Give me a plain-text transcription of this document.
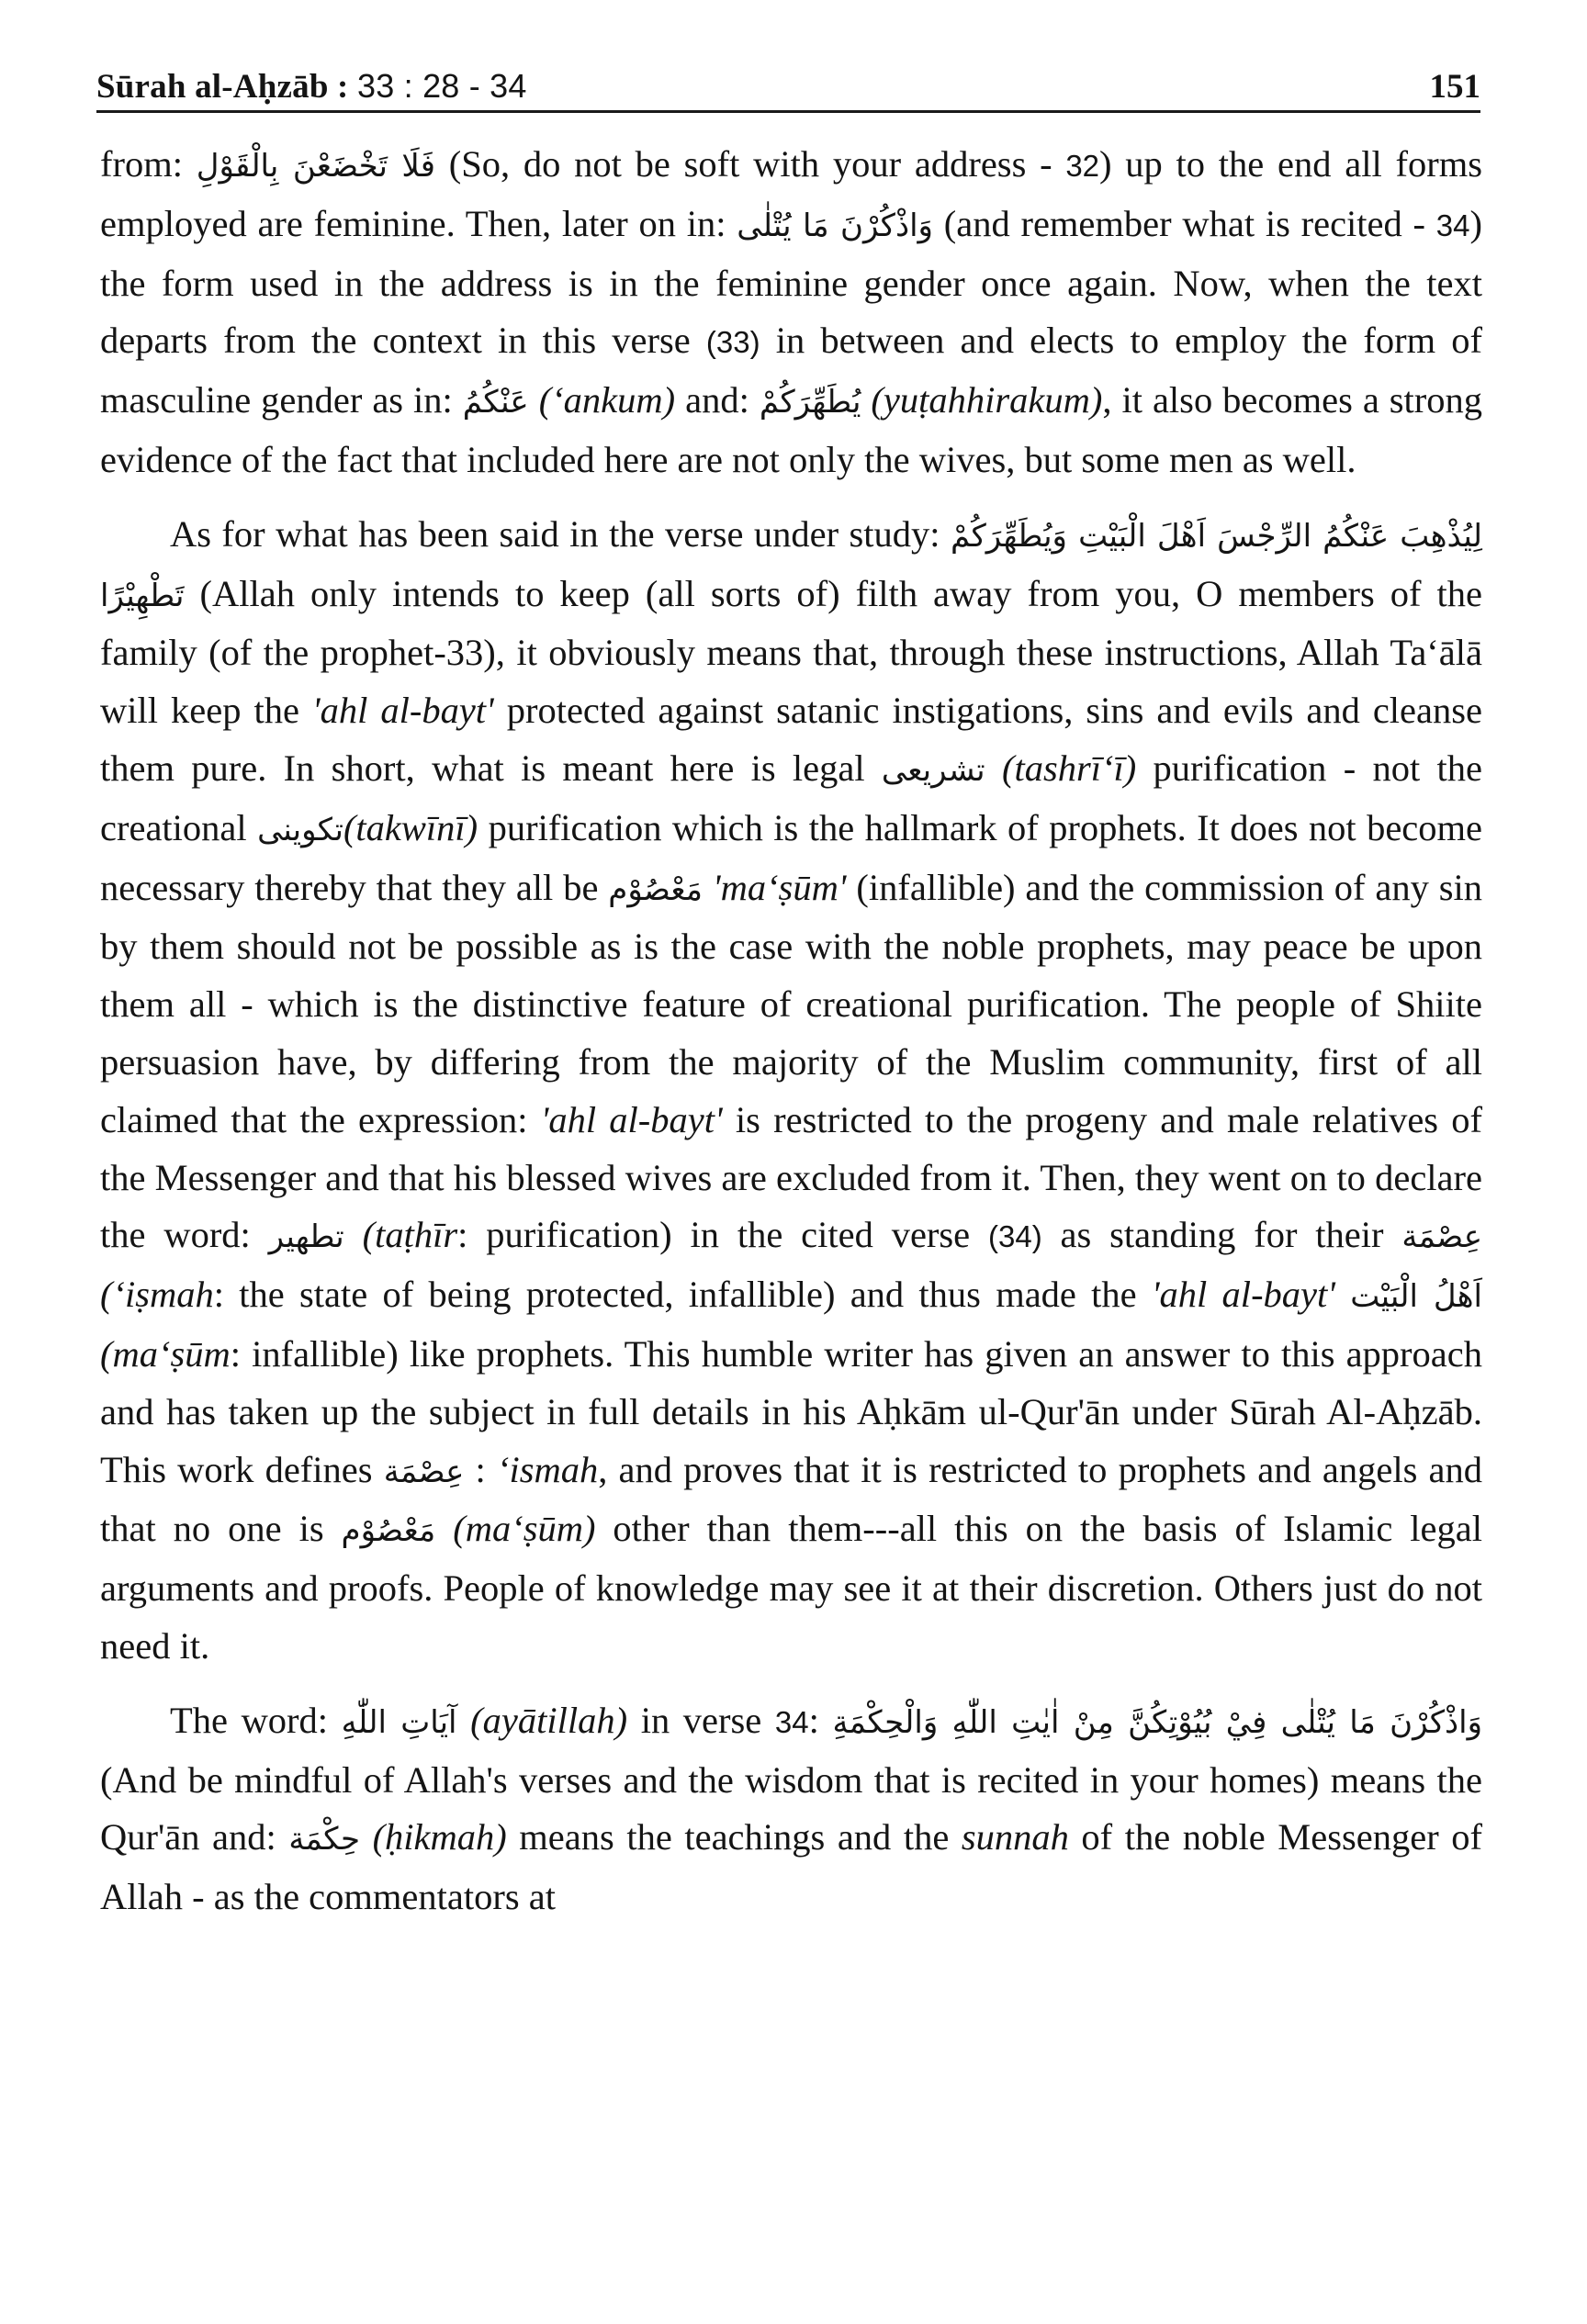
Sūrah al-Aḥzāb : 33 : 28 - 34	151

from: فَلَا تَخْضَعْنَ بِالْقَوْلِ (So, do not be soft with your address - 32) up to the end all forms employed are feminine. Then, later on in: وَاذْكُرْنَ مَا يُتْلٰى (and remember what is recited - 34) the form used in the address is in the feminine gender once again. Now, when the text departs from the context in this verse (33) in between and elects to employ the form of masculine gender as in: عَنْكُمُ (‘ankum) and: يُطَهِّرَكُمْ (yuṭahhirakum), it also becomes a strong evidence of the fact that included here are not only the wives, but some men as well.

As for what has been said in the verse under study: لِيُذْهِبَ عَنْكُمُ الرِّجْسَ اَهْلَ الْبَيْتِ وَيُطَهِّرَكُمْ تَطْهِيْرًا (Allah only intends to keep (all sorts of) filth away from you, O members of the family (of the prophet-33), it obviously means that, through these instructions, Allah Ta‘ālā will keep the 'ahl al-bayt' protected against satanic instigations, sins and evils and cleanse them pure. In short, what is meant here is legal تشریعی (tashrī‘ī) purification - not the creational تکوینی(takwīnī) purification which is the hallmark of prophets. It does not become necessary thereby that they all be مَعْصُوْم 'ma‘ṣūm' (infallible) and the commission of any sin by them should not be possible as is the case with the noble prophets, may peace be upon them all - which is the distinctive feature of creational purification. The people of Shiite persuasion have, by differing from the majority of the Muslim community, first of all claimed that the expression: 'ahl al-bayt' is restricted to the progeny and male relatives of the Messenger and that his blessed wives are excluded from it. Then, they went on to declare the word: تطهیر (taṭhīr: purification) in the cited verse (34) as standing for their عِصْمَة (‘iṣmah: the state of being protected, infallible) and thus made the 'ahl al-bayt' اَهْلُ الْبَيْت (ma‘ṣūm: infallible) like prophets. This humble writer has given an answer to this approach and has taken up the subject in full details in his Aḥkām ul-Qur'ān under Sūrah Al-Aḥzāb. This work defines عِصْمَة : ‘ismah, and proves that it is restricted to prophets and angels and that no one is مَعْصُوْم (ma‘ṣūm) other than them---all this on the basis of Islamic legal arguments and proofs. People of knowledge may see it at their discretion. Others just do not need it.

The word: آيَاتِ اللّٰهِ (ayātillah) in verse 34: وَاذْكُرْنَ مَا يُتْلٰى فِيْ بُيُوْتِكُنَّ مِنْ اٰيٰتِ اللّٰهِ وَالْحِكْمَةِ (And be mindful of Allah's verses and the wisdom that is recited in your homes) means the Qur'ān and: حِكْمَة (ḥikmah) means the teachings and the sunnah of the noble Messenger of Allah - as the commentators at
